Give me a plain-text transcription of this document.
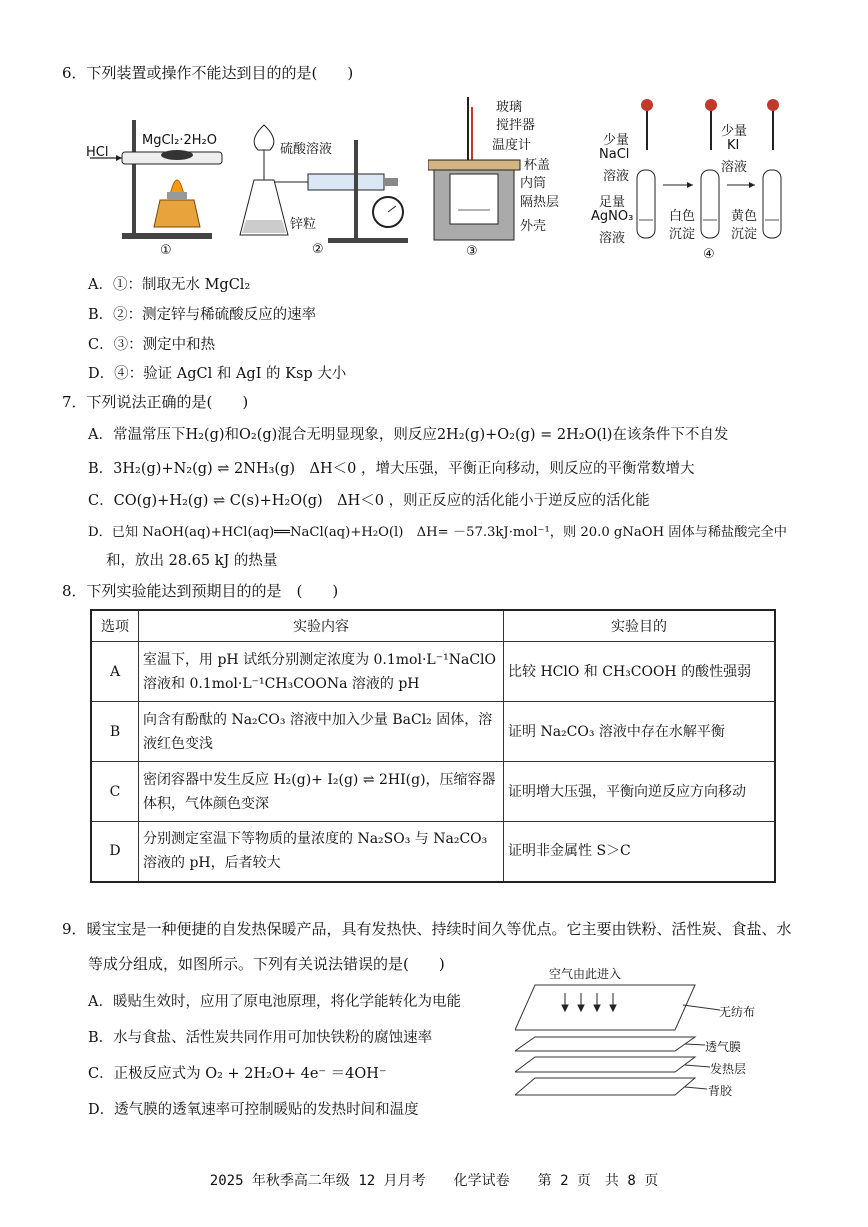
6．下列装置或操作不能达到目的的是(　　)
HCl
MgCl₂·2H₂O
①
硫酸溶液
锌粒
②
玻璃
搅拌器
温度计
杯盖
内筒
隔热层
外壳
③
少量
NaCl
溶液
少量
KI
溶液
足量
AgNO₃
溶液
白色
沉淀
黄色
沉淀
④
A．①：制取无水 MgCl₂
B．②：测定锌与稀硫酸反应的速率
C．③：测定中和热
D．④：验证 AgCl 和 AgI 的 Ksp 大小
7．下列说法正确的是(　　)
A．常温常压下H₂(g)和O₂(g)混合无明显现象，则反应2H₂(g)+O₂(g) = 2H₂O(l)在该条件下不自发
B．3H₂(g)+N₂(g) ⇌ 2NH₃(g)　ΔH＜0 ，增大压强，平衡正向移动，则反应的平衡常数增大
C．CO(g)+H₂(g) ⇌ C(s)+H₂O(g)　ΔH＜0 ，则正反应的活化能小于逆反应的活化能
D．已知 NaOH(aq)+HCl(aq)══NaCl(aq)+H₂O(l)　ΔH= －57.3kJ·mol⁻¹，则 20.0 gNaOH 固体与稀盐酸完全中
和，放出 28.65 kJ 的热量
8．下列实验能达到预期目的的是　(　　)
选项	实验内容	实验目的
A	室温下，用 pH 试纸分别测定浓度为 0.1mol·L⁻¹NaClO 溶液和 0.1mol·L⁻¹CH₃COONa 溶液的 pH	比较 HClO 和 CH₃COOH 的酸性强弱
B	向含有酚酞的 Na₂CO₃ 溶液中加入少量 BaCl₂ 固体，溶液红色变浅	证明 Na₂CO₃ 溶液中存在水解平衡
C	密闭容器中发生反应 H₂(g)+ I₂(g) ⇌ 2HI(g)，压缩容器体积，气体颜色变深	证明增大压强，平衡向逆反应方向移动
D	分别测定室温下等物质的量浓度的 Na₂SO₃ 与 Na₂CO₃ 溶液的 pH，后者较大	证明非金属性 S＞C
9．暖宝宝是一种便捷的自发热保暖产品，具有发热快、持续时间久等优点。它主要由铁粉、活性炭、食盐、水
等成分组成，如图所示。下列有关说法错误的是(　　)
A．暖贴生效时，应用了原电池原理，将化学能转化为电能
B．水与食盐、活性炭共同作用可加快铁粉的腐蚀速率
C．正极反应式为 O₂ + 2H₂O+ 4e⁻ ＝4OH⁻
D．透气膜的透氧速率可控制暖贴的发热时间和温度
空气由此进入
无纺布
透气膜
发热层
背胶
2025 年秋季高二年级 12 月月考　　化学试卷　　第 2 页　共 8 页
